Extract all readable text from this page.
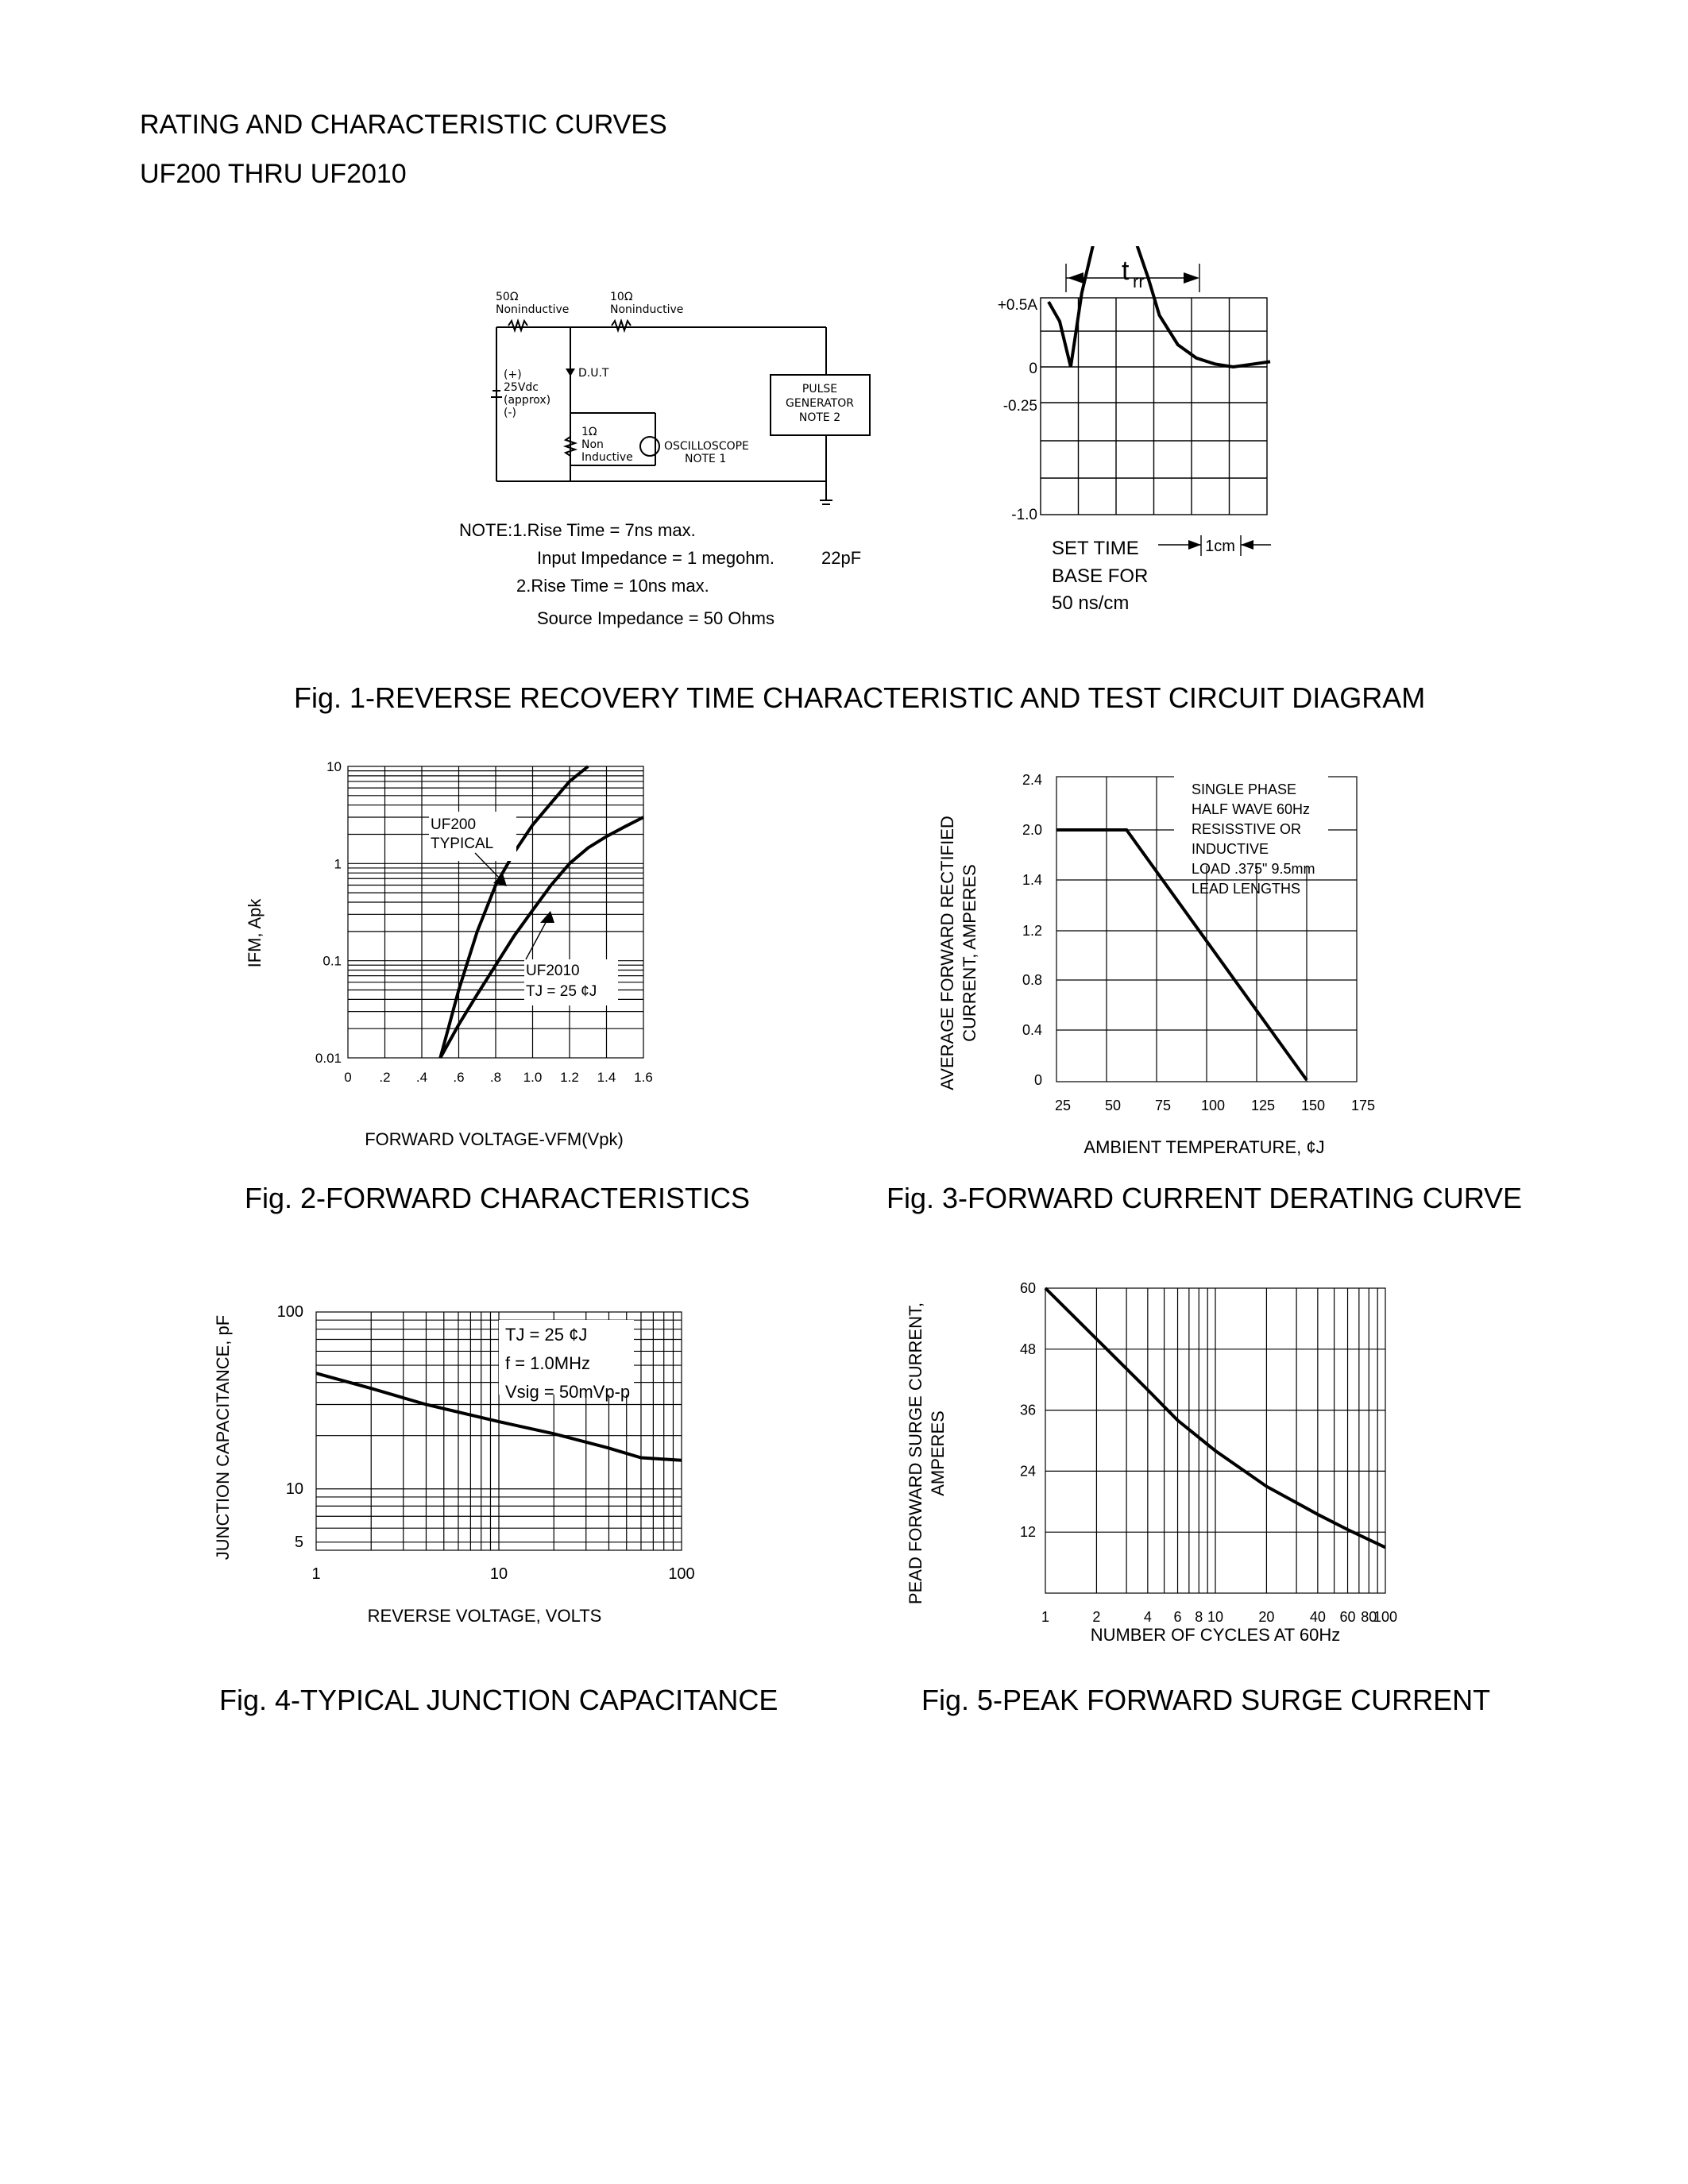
RATING AND CHARACTERISTIC CURVES
UF200 THRU UF2010
50Ω
Noninductive
10Ω
Noninductive
(+)
25Vdc
(approx)
(-)
D.U.T
1Ω
Non
Inductive
OSCILLOSCOPE
NOTE 1
PULSE
GENERATOR
NOTE 2
NOTE:1.Rise Time = 7ns max.
Input Impedance = 1 megohm.	22pF
2.Rise Time = 10ns max.
Source Impedance = 50 Ohms
t rr
+0.5A
0
-0.25
-1.0
SET TIME
BASE FOR
50 ns/cm
1cm
Fig. 1-REVERSE RECOVERY TIME CHARACTERISTIC AND TEST CIRCUIT DIAGRAM
UF200
TYPICAL
UF2010
TJ = 25 ¢J
10
1
0.1
0.01
0 .2 .4 .6 .8 1.0 1.2 1.4 1.6
IFM, Apk
FORWARD VOLTAGE-VFM(Vpk)
Fig. 2-FORWARD CHARACTERISTICS
SINGLE PHASE
HALF WAVE 60Hz
RESISSTIVE OR
INDUCTIVE
LOAD .375" 9.5mm
LEAD LENGTHS
2.4
2.0
1.4
1.2
0.8
0.4
0
25 50 75 100 125 150 175
AVERAGE FORWARD RECTIFIED CURRENT, AMPERES
AMBIENT TEMPERATURE, ¢J
Fig. 3-FORWARD CURRENT DERATING CURVE
TJ = 25 ¢J
f = 1.0MHz
Vsig = 50mVp-p
100
10
5
1	10	100
JUNCTION CAPACITANCE, pF
REVERSE VOLTAGE, VOLTS
Fig. 4-TYPICAL JUNCTION CAPACITANCE
60
48
36
24
12
1	2	4 6 8 10 20 40 60 80
100
PEAD FORWARD SURGE CURRENT, AMPERES
NUMBER OF CYCLES AT 60Hz
Fig. 5-PEAK FORWARD SURGE CURRENT
